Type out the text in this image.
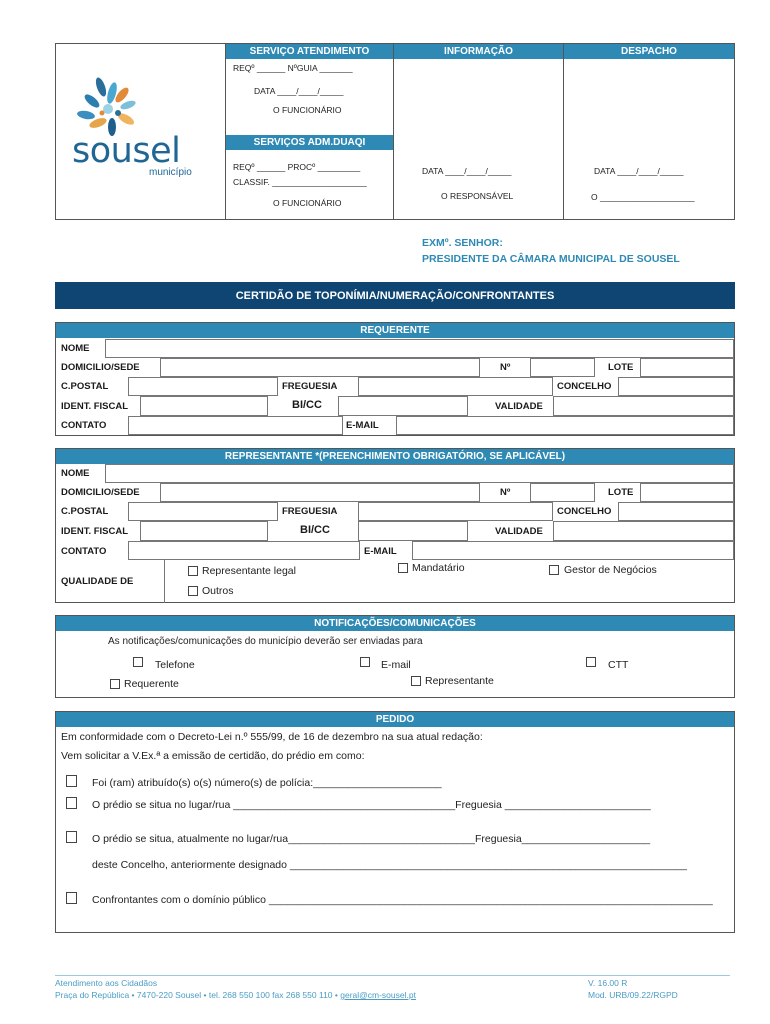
sousel
município
SERVIÇO ATENDIMENTO
REQº ______ NºGUIA _______
DATA ____/____/_____
O FUNCIONÁRIO
SERVIÇOS ADM.DUAQI
REQº ______ PROCº _________
CLASSIF. ____________________
O FUNCIONÁRIO
INFORMAÇÃO
DATA ____/____/_____
O RESPONSÁVEL
DESPACHO
DATA ____/____/_____
O ____________________
EXMº. SENHOR:
PRESIDENTE DA CÂMARA MUNICIPAL DE SOUSEL
CERTIDÃO DE TOPONÍMIA/NUMERAÇÃO/CONFRONTANTES
REQUERENTE
NOME
DOMICILIO/SEDE	Nº	LOTE
C.POSTAL	FREGUESIA	CONCELHO
IDENT. FISCAL	BI/CC	VALIDADE
CONTATO	E-MAIL
REPRESENTANTE *(PREENCHIMENTO OBRIGATÓRIO, SE APLICÁVEL)
NOME
DOMICILIO/SEDE	Nº	LOTE
C.POSTAL	FREGUESIA	CONCELHO
IDENT. FISCAL	BI/CC	VALIDADE
CONTATO	E-MAIL
QUALIDADE DE
Representante legal	Mandatário	Gestor de Negócios
Outros
NOTIFICAÇÕES/COMUNICAÇÕES
As notificações/comunicações do município deverão ser enviadas para
Telefone	E-mail	CTT
Requerente	Representante
PEDIDO
Em conformidade com o Decreto-Lei n.º 555/99, de 16 de dezembro na sua atual redação:
Vem solicitar a V.Ex.ª a emissão de certidão, do prédio em como:
Foi (ram) atribuído(s) o(s) número(s) de polícia:______________________
O prédio se situa no lugar/rua ______________________________________Freguesia _________________________
O prédio se situa, atualmente no lugar/rua________________________________Freguesia______________________
deste Concelho, anteriormente designado ____________________________________________________________________
Confrontantes com o domínio público ____________________________________________________________________________
Atendimento aos Cidadãos
Praça do República • 7470-220 Sousel • tel. 268 550 100 fax 268 550 110 • geral@cm-sousel.pt
V. 16.00 R
Mod. URB/09.22/RGPD
